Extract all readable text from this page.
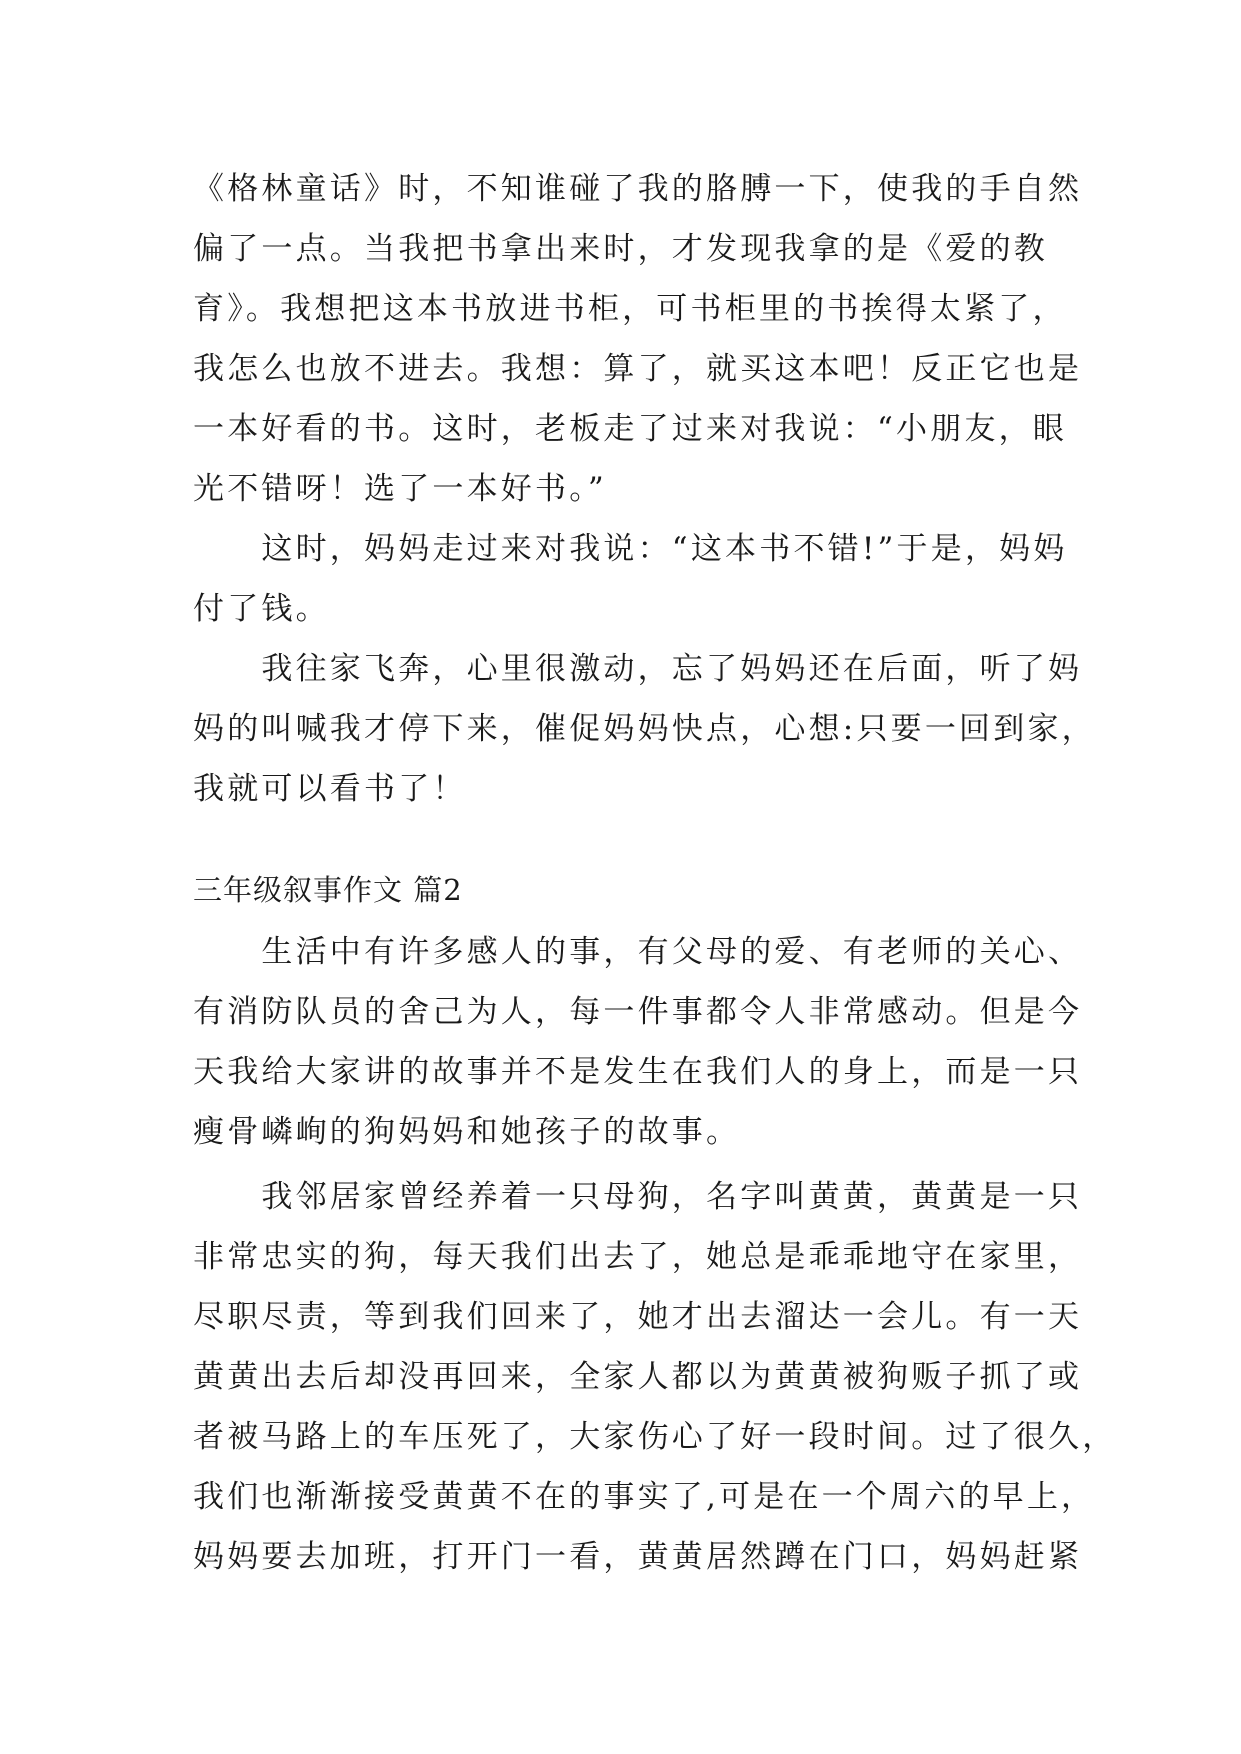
《格林童话》时，不知谁碰了我的胳膊一下，使我的手自然
偏了一点。当我把书拿出来时，才发现我拿的是《爱的教
育》。我想把这本书放进书柜，可书柜里的书挨得太紧了，
我怎么也放不进去。我想：算了，就买这本吧！反正它也是
一本好看的书。这时，老板走了过来对我说：“小朋友，眼
光不错呀！选了一本好书。”
　　这时，妈妈走过来对我说：“这本书不错!”于是，妈妈
付了钱。
　　我往家飞奔，心里很激动，忘了妈妈还在后面，听了妈
妈的叫喊我才停下来，催促妈妈快点，心想:只要一回到家，
我就可以看书了！
三年级叙事作文 篇2
　　生活中有许多感人的事，有父母的爱、有老师的关心、
有消防队员的舍己为人，每一件事都令人非常感动。但是今
天我给大家讲的故事并不是发生在我们人的身上，而是一只
瘦骨嶙峋的狗妈妈和她孩子的故事。
　　我邻居家曾经养着一只母狗，名字叫黄黄，黄黄是一只
非常忠实的狗，每天我们出去了，她总是乖乖地守在家里，
尽职尽责，等到我们回来了，她才出去溜达一会儿。有一天
黄黄出去后却没再回来，全家人都以为黄黄被狗贩子抓了或
者被马路上的车压死了，大家伤心了好一段时间。过了很久，
我们也渐渐接受黄黄不在的事实了,可是在一个周六的早上，
妈妈要去加班，打开门一看，黄黄居然蹲在门口，妈妈赶紧
